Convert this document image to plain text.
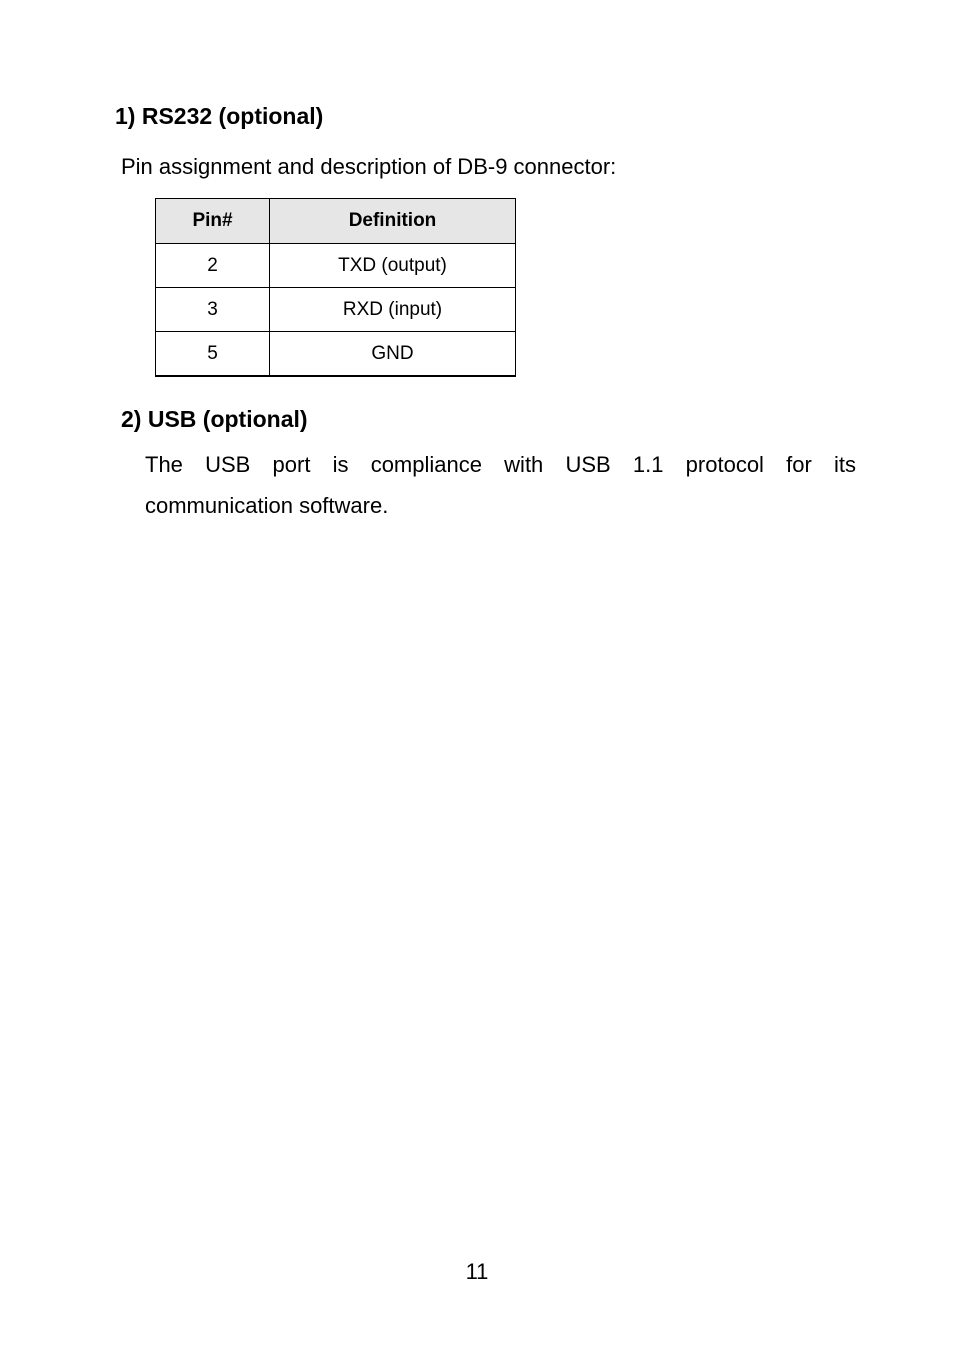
1) RS232 (optional)
Pin assignment and description of DB-9 connector:
Pin#	Definition
2	TXD (output)
3	RXD (input)
5	GND
2) USB (optional)
The USB port is compliance with USB 1.1 protocol for its
communication software.
11
